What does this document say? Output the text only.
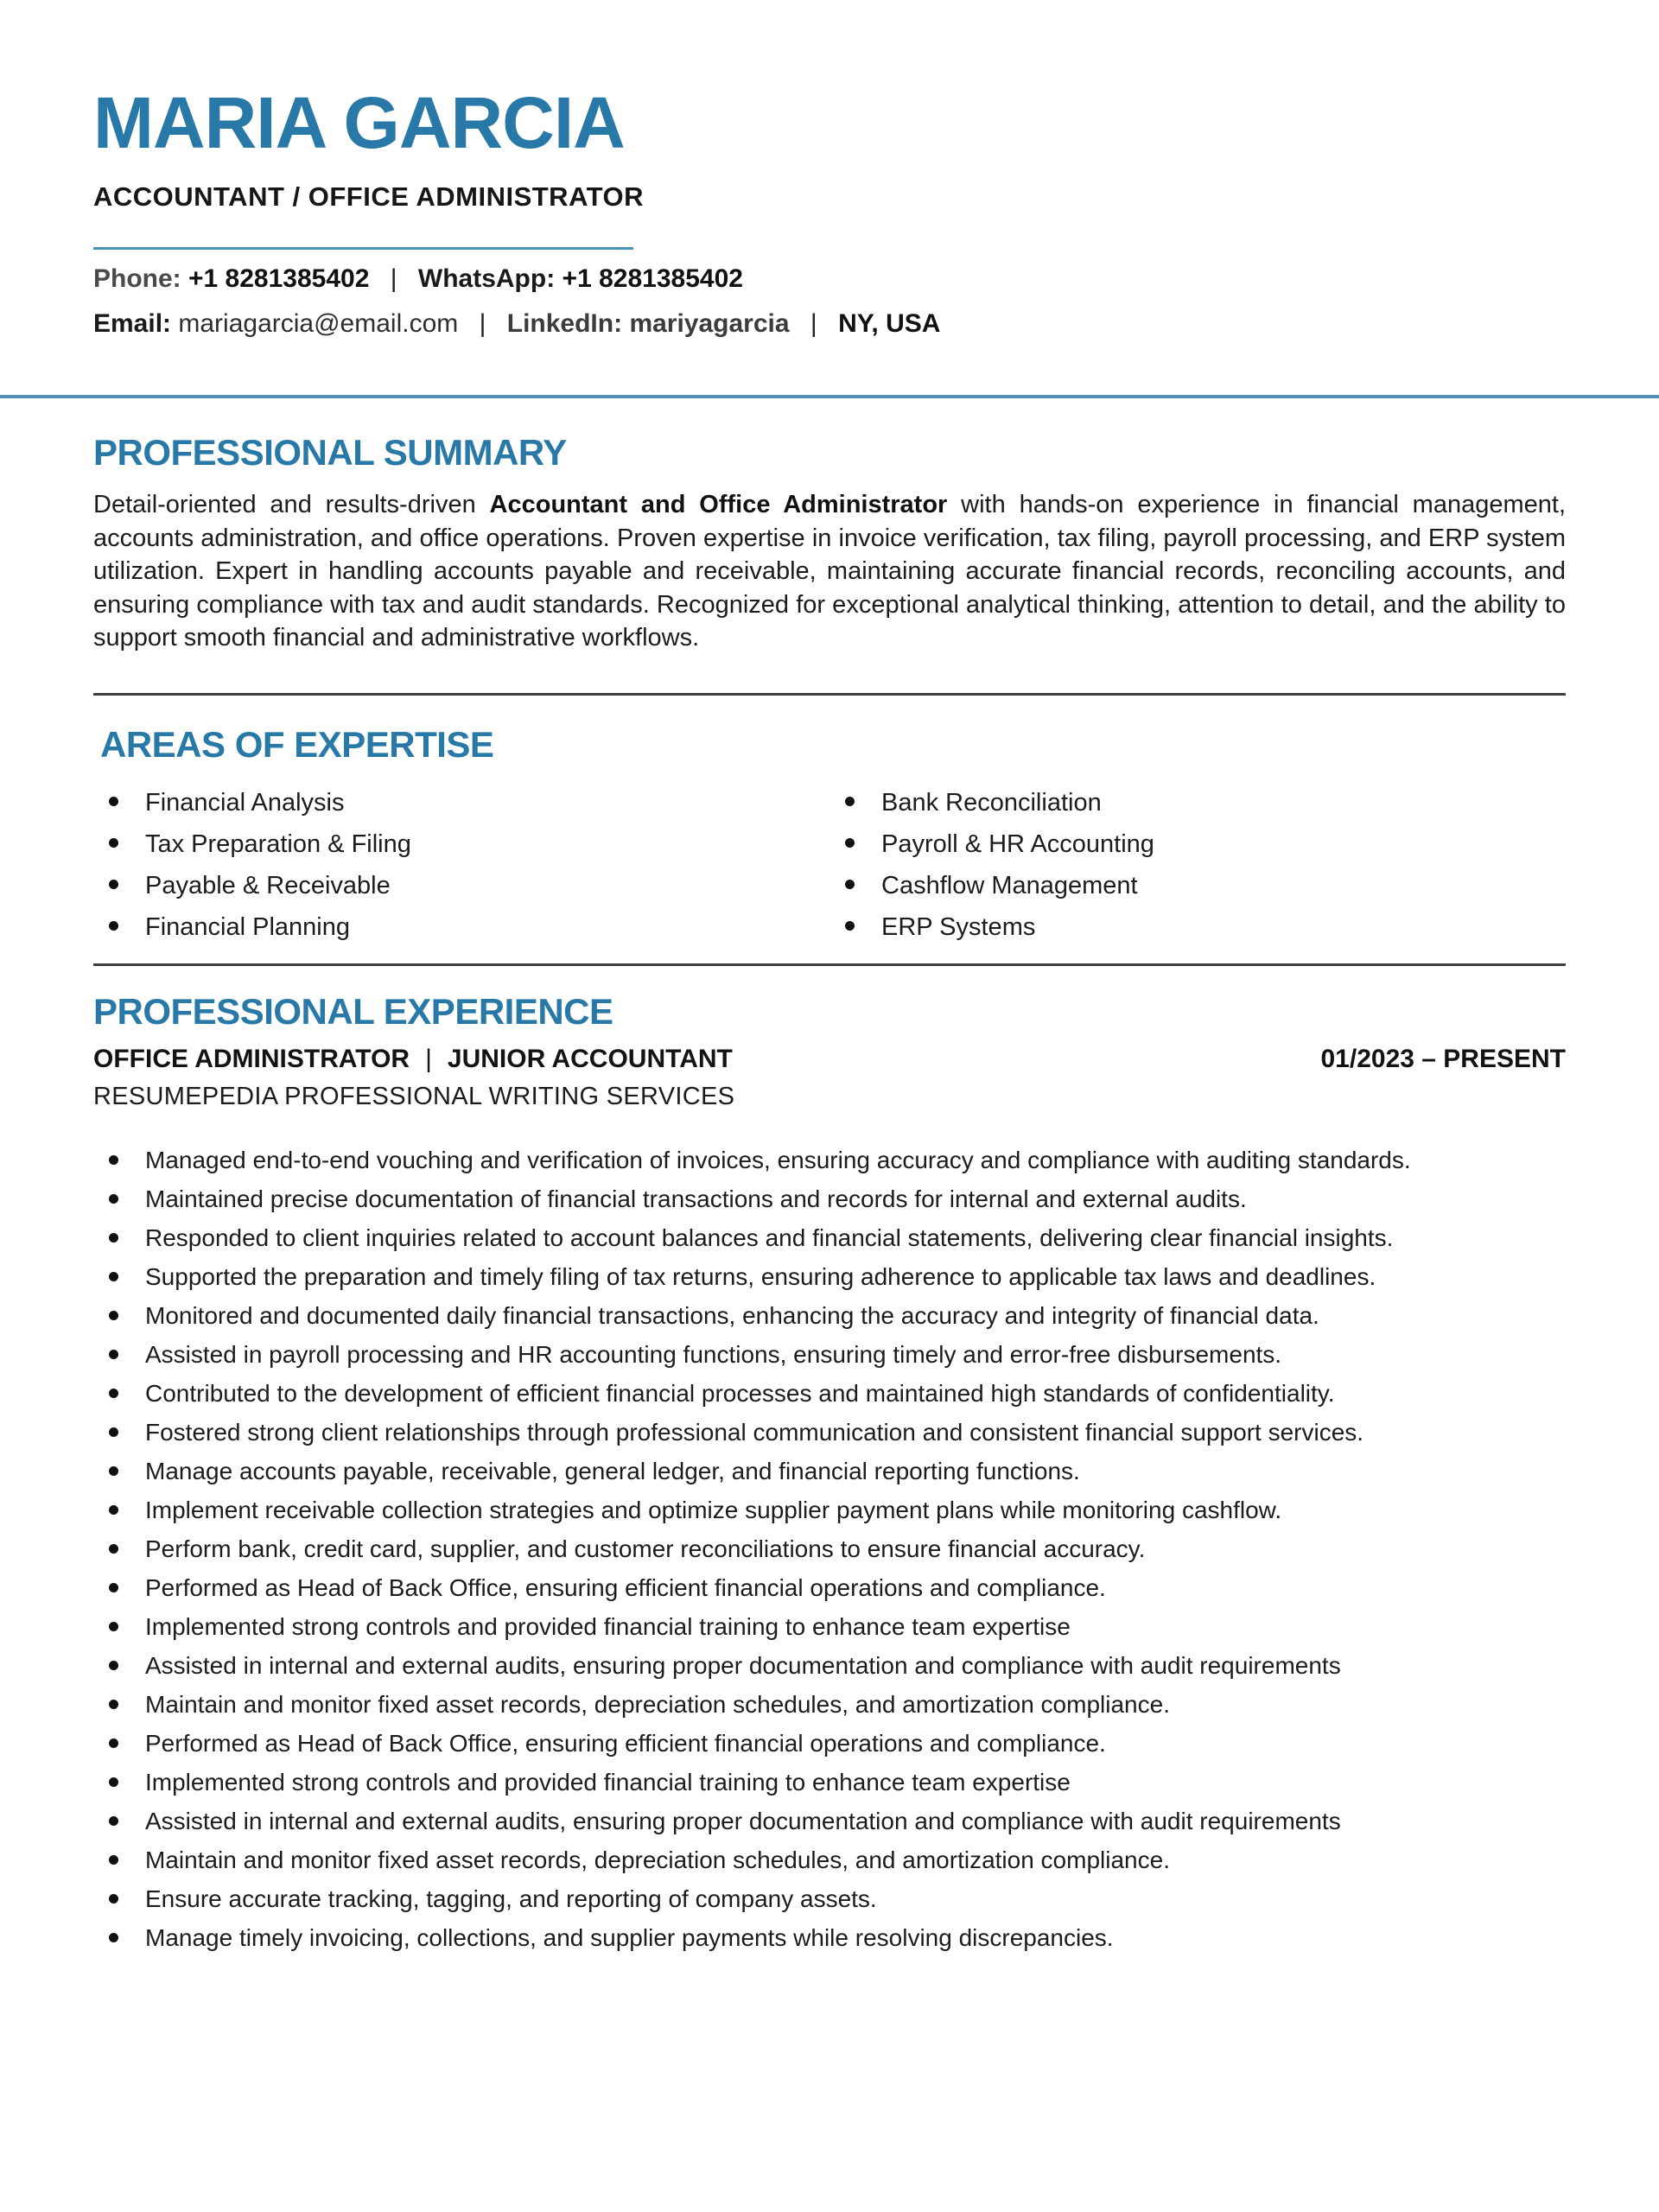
MARIA GARCIA
ACCOUNTANT / OFFICE ADMINISTRATOR
Phone: +1 8281385402 | WhatsApp: +1 8281385402
Email: mariagarcia@email.com | LinkedIn: mariyagarcia | NY, USA
PROFESSIONAL SUMMARY

Detail-oriented and results-driven Accountant and Office Administrator with hands-on experience in financial management, accounts administration, and office operations. Proven expertise in invoice verification, tax filing, payroll processing, and ERP system utilization. Expert in handling accounts payable and receivable, maintaining accurate financial records, reconciling accounts, and ensuring compliance with tax and audit standards. Recognized for exceptional analytical thinking, attention to detail, and the ability to support smooth financial and administrative workflows.

AREAS OF EXPERTISE
Financial Analysis
Tax Preparation & Filing
Payable & Receivable
Financial Planning
Bank Reconciliation
Payroll & HR Accounting
Cashflow Management
ERP Systems
PROFESSIONAL EXPERIENCE
OFFICE ADMINISTRATOR | JUNIOR ACCOUNTANT	01/2023 – PRESENT
RESUMEPEDIA PROFESSIONAL WRITING SERVICES
Managed end-to-end vouching and verification of invoices, ensuring accuracy and compliance with auditing standards.
Maintained precise documentation of financial transactions and records for internal and external audits.
Responded to client inquiries related to account balances and financial statements, delivering clear financial insights.
Supported the preparation and timely filing of tax returns, ensuring adherence to applicable tax laws and deadlines.
Monitored and documented daily financial transactions, enhancing the accuracy and integrity of financial data.
Assisted in payroll processing and HR accounting functions, ensuring timely and error-free disbursements.
Contributed to the development of efficient financial processes and maintained high standards of confidentiality.
Fostered strong client relationships through professional communication and consistent financial support services.
Manage accounts payable, receivable, general ledger, and financial reporting functions.
Implement receivable collection strategies and optimize supplier payment plans while monitoring cashflow.
Perform bank, credit card, supplier, and customer reconciliations to ensure financial accuracy.
Performed as Head of Back Office, ensuring efficient financial operations and compliance.
Implemented strong controls and provided financial training to enhance team expertise
Assisted in internal and external audits, ensuring proper documentation and compliance with audit requirements
Maintain and monitor fixed asset records, depreciation schedules, and amortization compliance.
Performed as Head of Back Office, ensuring efficient financial operations and compliance.
Implemented strong controls and provided financial training to enhance team expertise
Assisted in internal and external audits, ensuring proper documentation and compliance with audit requirements
Maintain and monitor fixed asset records, depreciation schedules, and amortization compliance.
Ensure accurate tracking, tagging, and reporting of company assets.
Manage timely invoicing, collections, and supplier payments while resolving discrepancies.
